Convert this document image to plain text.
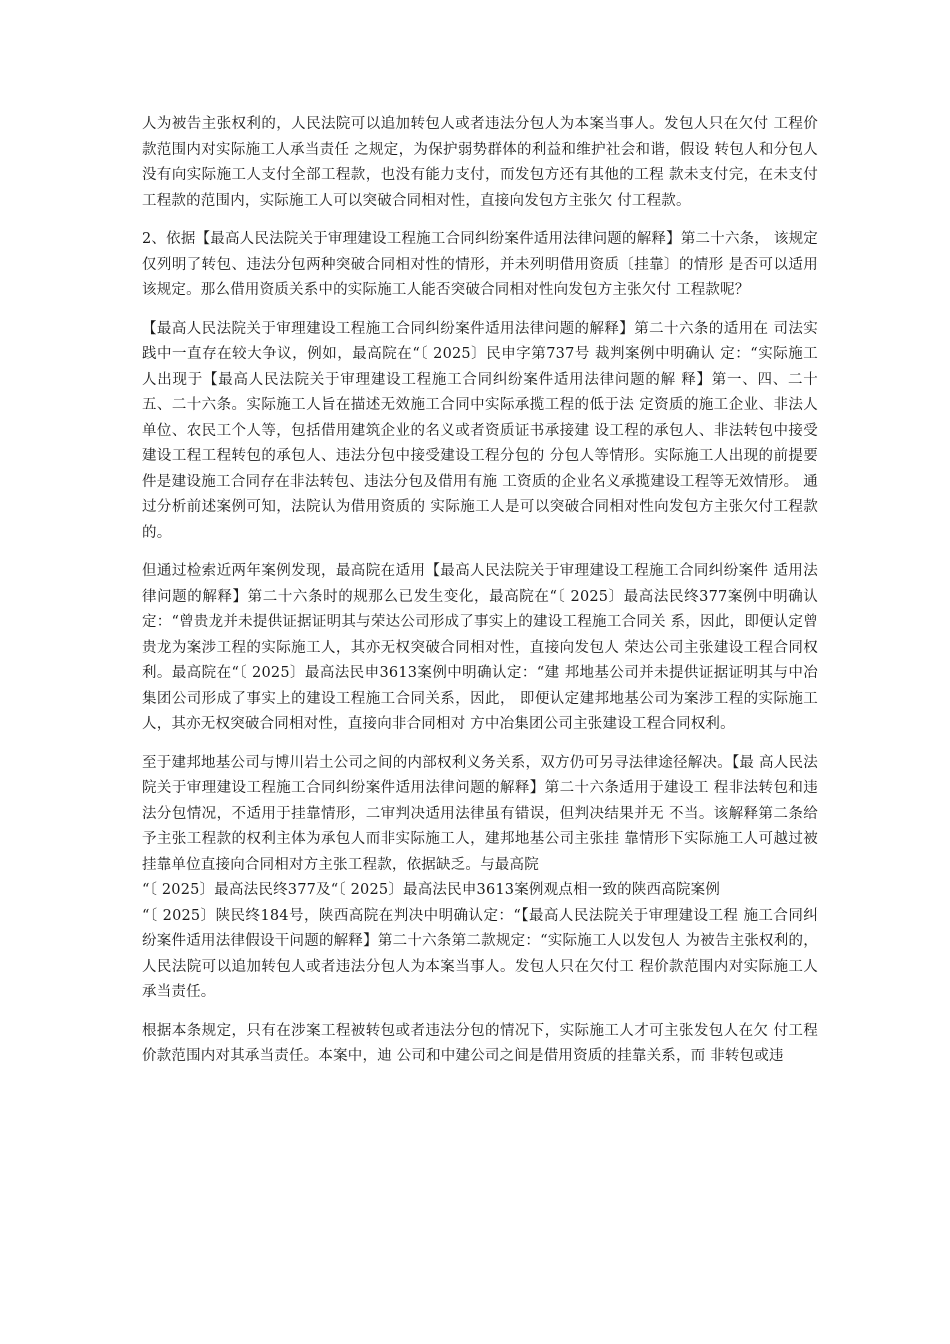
人为被告主张权利的，人民法院可以追加转包人或者违法分包人为本案当事人。发包人只在欠付 工程价款范围内对实际施工人承当责任 之规定，为保护弱势群体的利益和维护社会和谐，假设 转包人和分包人没有向实际施工人支付全部工程款，也没有能力支付，而发包方还有其他的工程 款未支付完，在未支付工程款的范围内，实际施工人可以突破合同相对性，直接向发包方主张欠 付工程款。

2、依据【最高人民法院关于审理建设工程施工合同纠纷案件适用法律问题的解释】第二十六条， 该规定仅列明了转包、违法分包两种突破合同相对性的情形，并未列明借用资质〔挂靠〕的情形 是否可以适用该规定。那么借用资质关系中的实际施工人能否突破合同相对性向发包方主张欠付 工程款呢？

【最高人民法院关于审理建设工程施工合同纠纷案件适用法律问题的解释】第二十六条的适用在 司法实践中一直存在较大争议，例如，最高院在“〔 2025〕民申字第737号 裁判案例中明确认 定：“实际施工人出现于【最高人民法院关于审理建设工程施工合同纠纷案件适用法律问题的解 释】第一、四、二十五、二十六条。实际施工人旨在描述无效施工合同中实际承揽工程的低于法 定资质的施工企业、非法人单位、农民工个人等，包括借用建筑企业的名义或者资质证书承接建 设工程的承包人、非法转包中接受建设工程工程转包的承包人、违法分包中接受建设工程分包的 分包人等情形。实际施工人出现的前提要件是建设施工合同存在非法转包、违法分包及借用有施 工资质的企业名义承揽建设工程等无效情形。 通过分析前述案例可知，法院认为借用资质的 实际施工人是可以突破合同相对性向发包方主张欠付工程款的。

但通过检索近两年案例发现，最高院在适用【最高人民法院关于审理建设工程施工合同纠纷案件 适用法律问题的解释】第二十六条时的规那么已发生变化，最高院在“〔 2025〕最高法民终377案例中明确认定：“曾贵龙并未提供证据证明其与荣达公司形成了事实上的建设工程施工合同关 系，因此，即便认定曾贵龙为案涉工程的实际施工人，其亦无权突破合同相对性，直接向发包人 荣达公司主张建设工程合同权利。最高院在“〔 2025〕最高法民申3613案例中明确认定：“建 邦地基公司并未提供证据证明其与中冶集团公司形成了事实上的建设工程施工合同关系，因此， 即便认定建邦地基公司为案涉工程的实际施工人，其亦无权突破合同相对性，直接向非合同相对 方中冶集团公司主张建设工程合同权利。

至于建邦地基公司与博川岩土公司之间的内部权利义务关系，双方仍可另寻法律途径解决。【最 高人民法院关于审理建设工程施工合同纠纷案件适用法律问题的解释】第二十六条适用于建设工 程非法转包和违法分包情况，不适用于挂靠情形，二审判决适用法律虽有错误，但判决结果并无 不当。该解释第二条给予主张工程款的权利主体为承包人而非实际施工人，建邦地基公司主张挂 靠情形下实际施工人可越过被挂靠单位直接向合同相对方主张工程款，依据缺乏。与最高院

“〔 2025〕最高法民终377及“〔 2025〕最高法民申3613案例观点相一致的陕西高院案例

“〔 2025〕陕民终184号，陕西高院在判决中明确认定：“【最高人民法院关于审理建设工程 施工合同纠纷案件适用法律假设干问题的解释】第二十六条第二款规定：“实际施工人以发包人 为被告主张权利的，人民法院可以追加转包人或者违法分包人为本案当事人。发包人只在欠付工 程价款范围内对实际施工人承当责任。

根据本条规定，只有在涉案工程被转包或者违法分包的情况下，实际施工人才可主张发包人在欠 付工程价款范围内对其承当责任。本案中，迪 公司和中建公司之间是借用资质的挂靠关系，而 非转包或违
